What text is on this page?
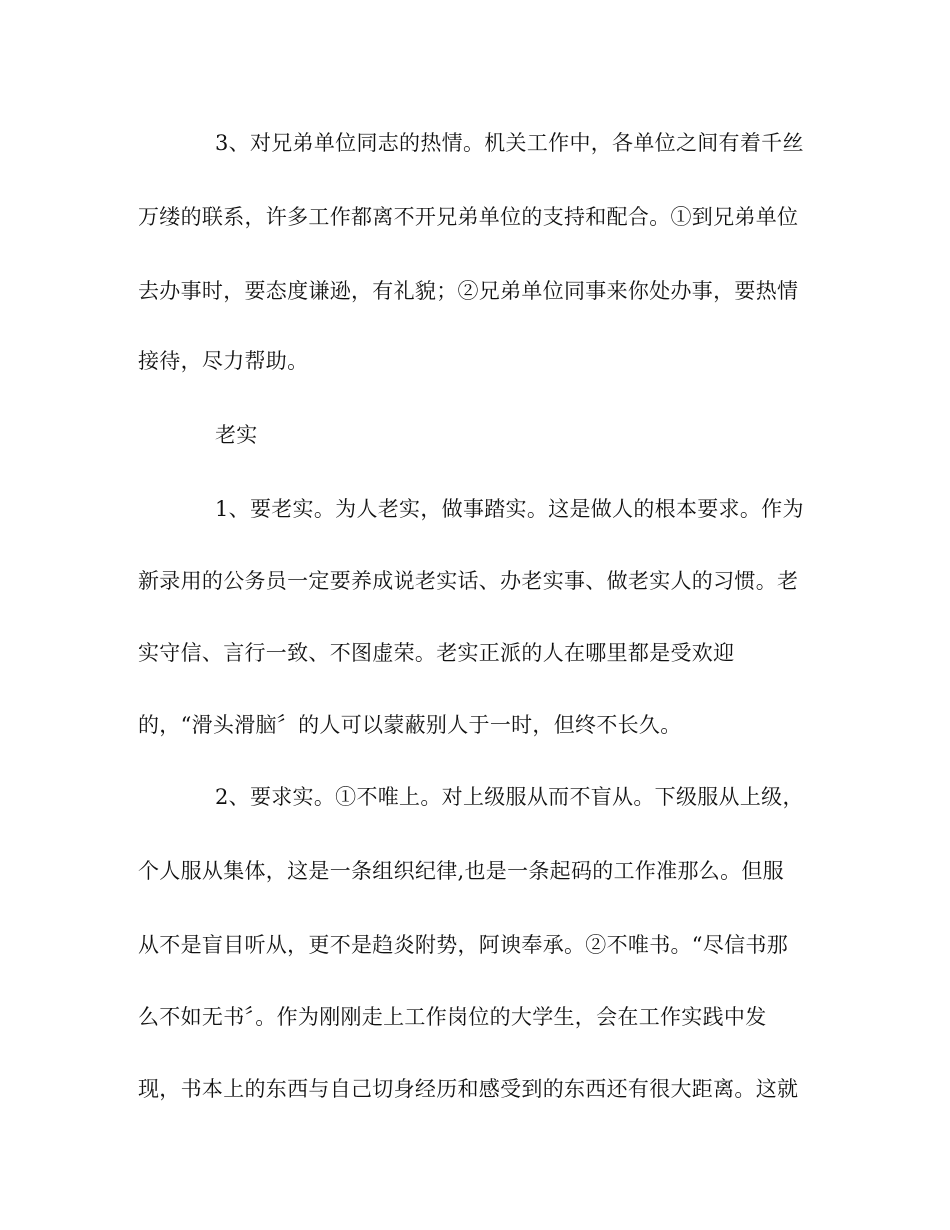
3、对兄弟单位同志的热情。机关工作中，各单位之间有着千丝
万缕的联系，许多工作都离不开兄弟单位的支持和配合。①到兄弟单位
去办事时，要态度谦逊，有礼貌；②兄弟单位同事来你处办事，要热情
接待，尽力帮助。
老实
1、要老实。为人老实，做事踏实。这是做人的根本要求。作为
新录用的公务员一定要养成说老实话、办老实事、做老实人的习惯。老
实守信、言行一致、不图虚荣。老实正派的人在哪里都是受欢迎
的，“滑头滑脑〞的人可以蒙蔽别人于一时，但终不长久。
2、要求实。①不唯上。对上级服从而不盲从。下级服从上级，
个人服从集体，这是一条组织纪律,也是一条起码的工作准那么。但服
从不是盲目听从，更不是趋炎附势，阿谀奉承。②不唯书。“尽信书那
么不如无书〞。作为刚刚走上工作岗位的大学生，会在工作实践中发
现，书本上的东西与自己切身经历和感受到的东西还有很大距离。这就
